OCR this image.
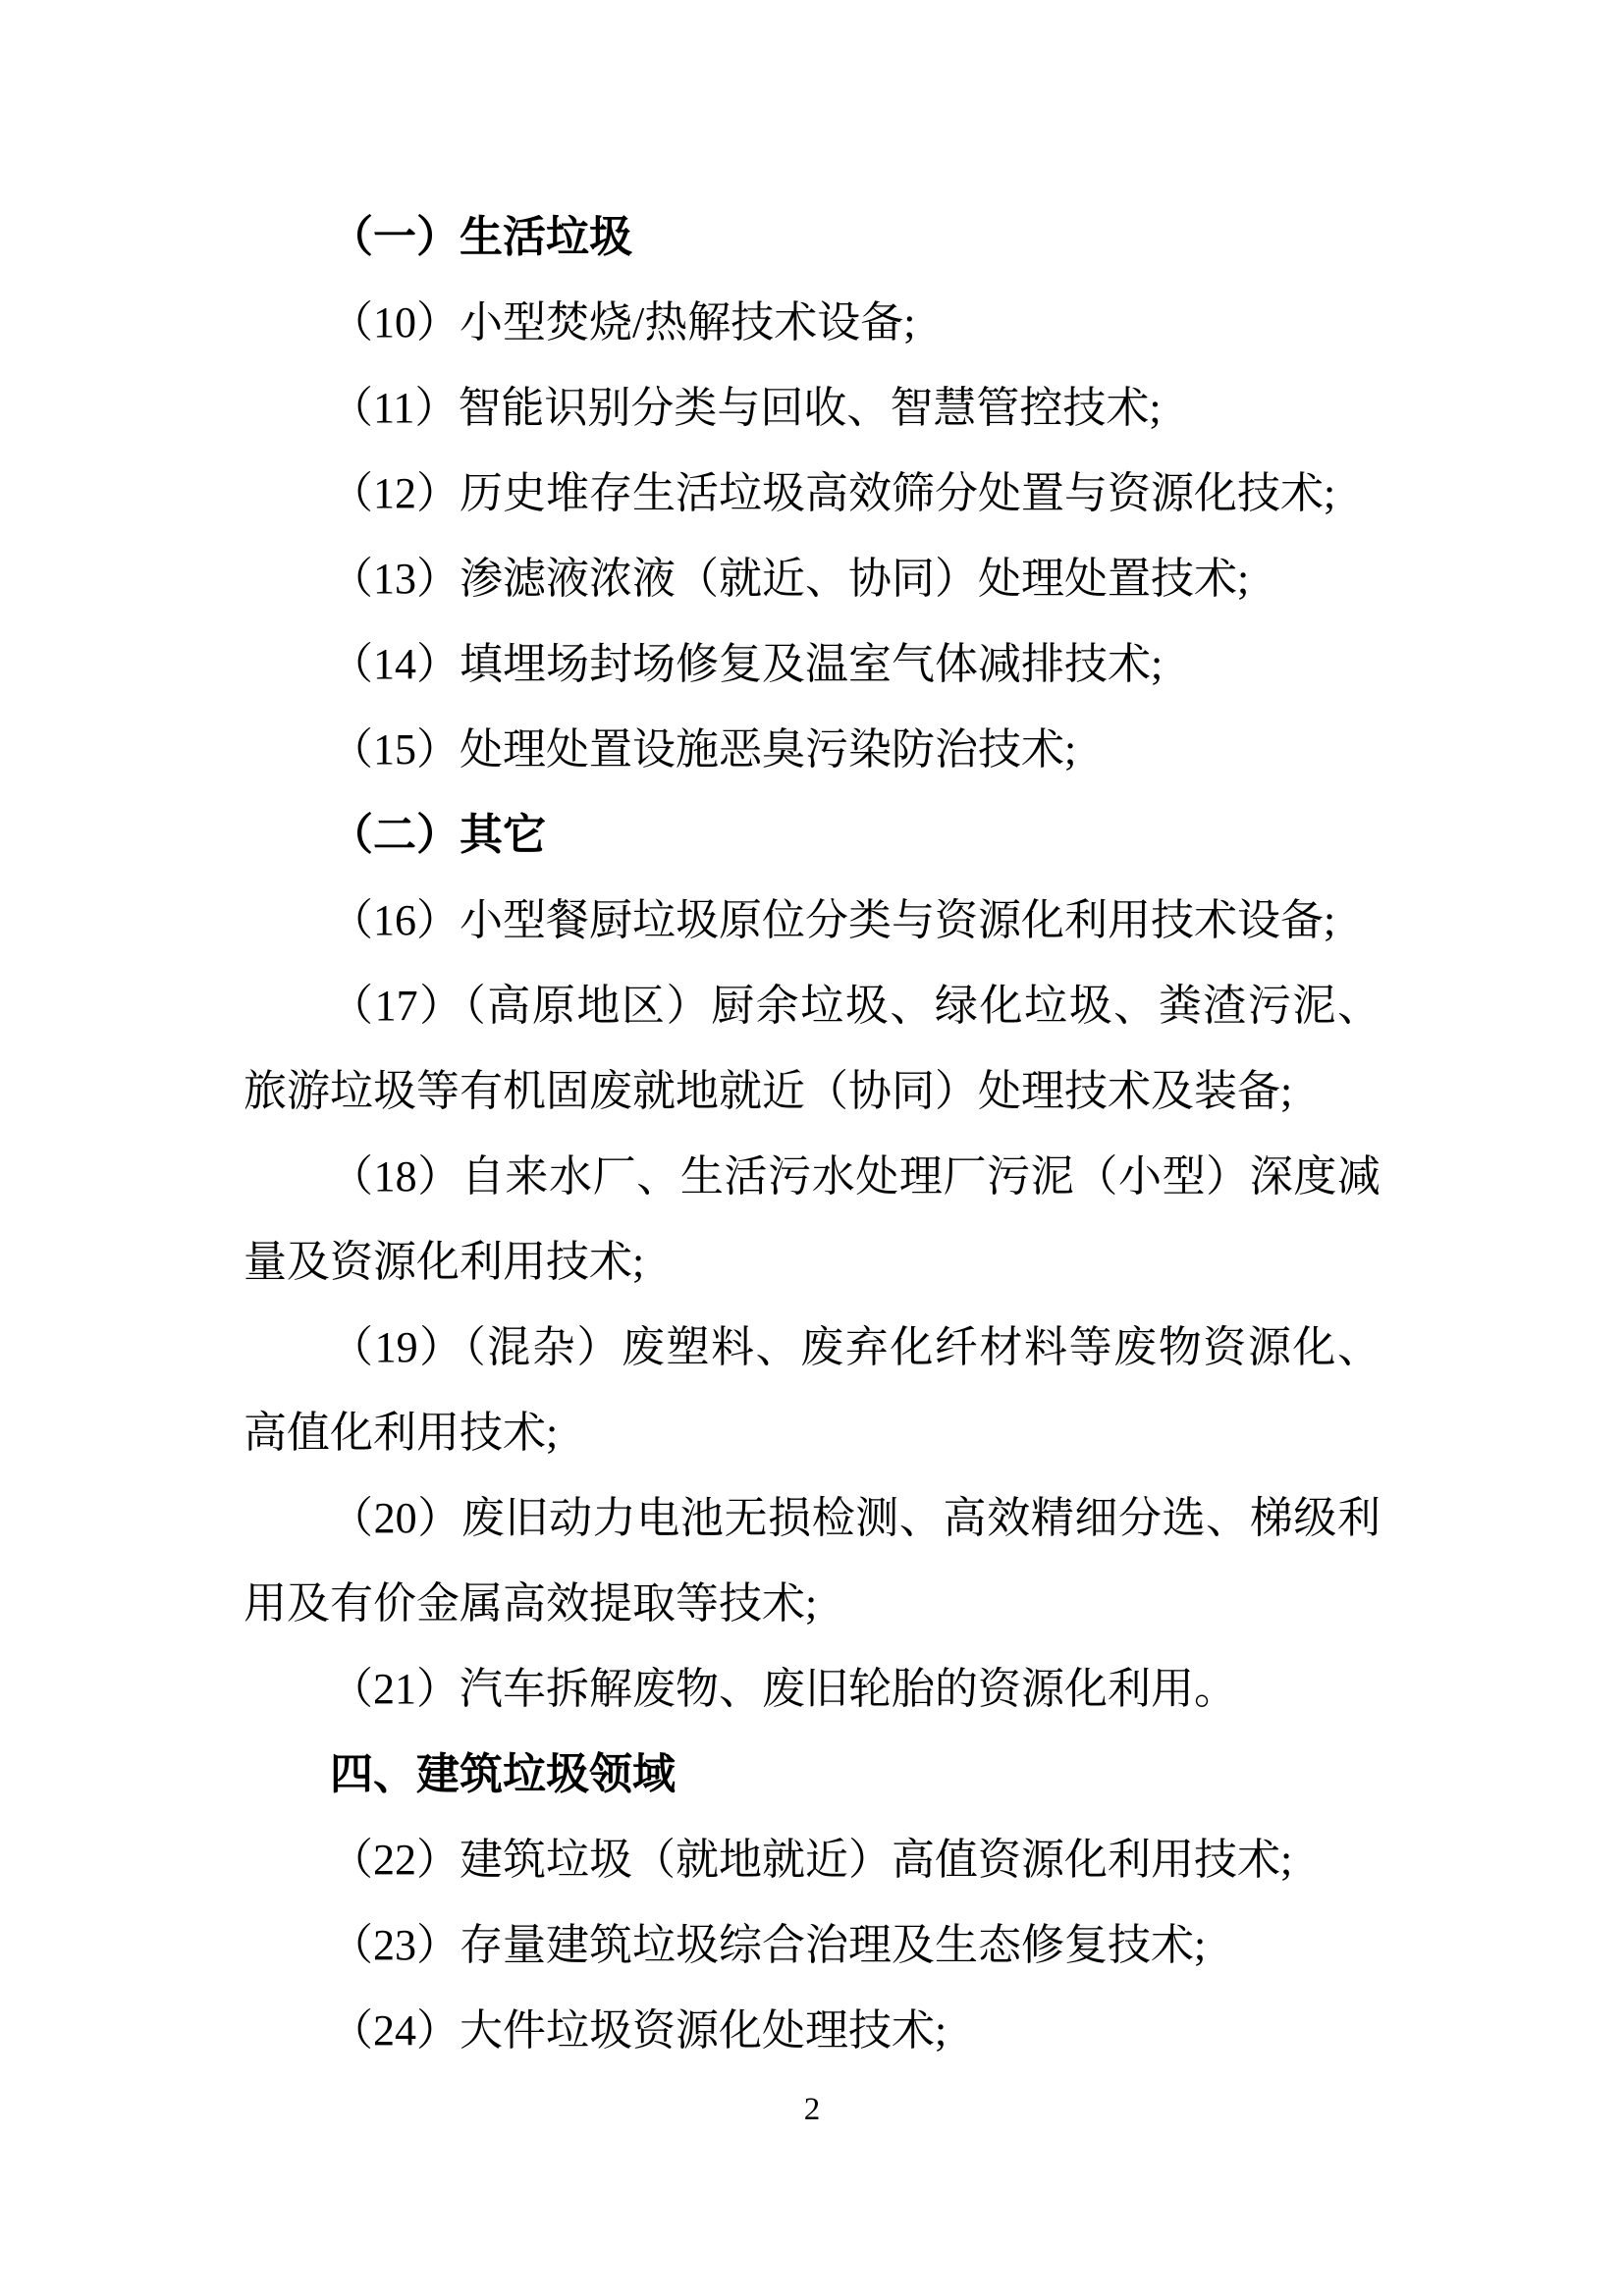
（一）生活垃圾

（10）小型焚烧/热解技术设备;

（11）智能识别分类与回收、智慧管控技术;

（12）历史堆存生活垃圾高效筛分处置与资源化技术;

（13）渗滤液浓液（就近、协同）处理处置技术;

（14）填埋场封场修复及温室气体减排技术;

（15）处理处置设施恶臭污染防治技术;

（二）其它

（16）小型餐厨垃圾原位分类与资源化利用技术设备;

（17）（高原地区）厨余垃圾、绿化垃圾、粪渣污泥、旅游垃圾等有机固废就地就近（协同）处理技术及装备;

（18）自来水厂、生活污水处理厂污泥（小型）深度减量及资源化利用技术;

（19）（混杂）废塑料、废弃化纤材料等废物资源化、高值化利用技术;

（20）废旧动力电池无损检测、高效精细分选、梯级利用及有价金属高效提取等技术;

（21）汽车拆解废物、废旧轮胎的资源化利用。

四、建筑垃圾领域

（22）建筑垃圾（就地就近）高值资源化利用技术;

（23）存量建筑垃圾综合治理及生态修复技术;

（24）大件垃圾资源化处理技术;

2
